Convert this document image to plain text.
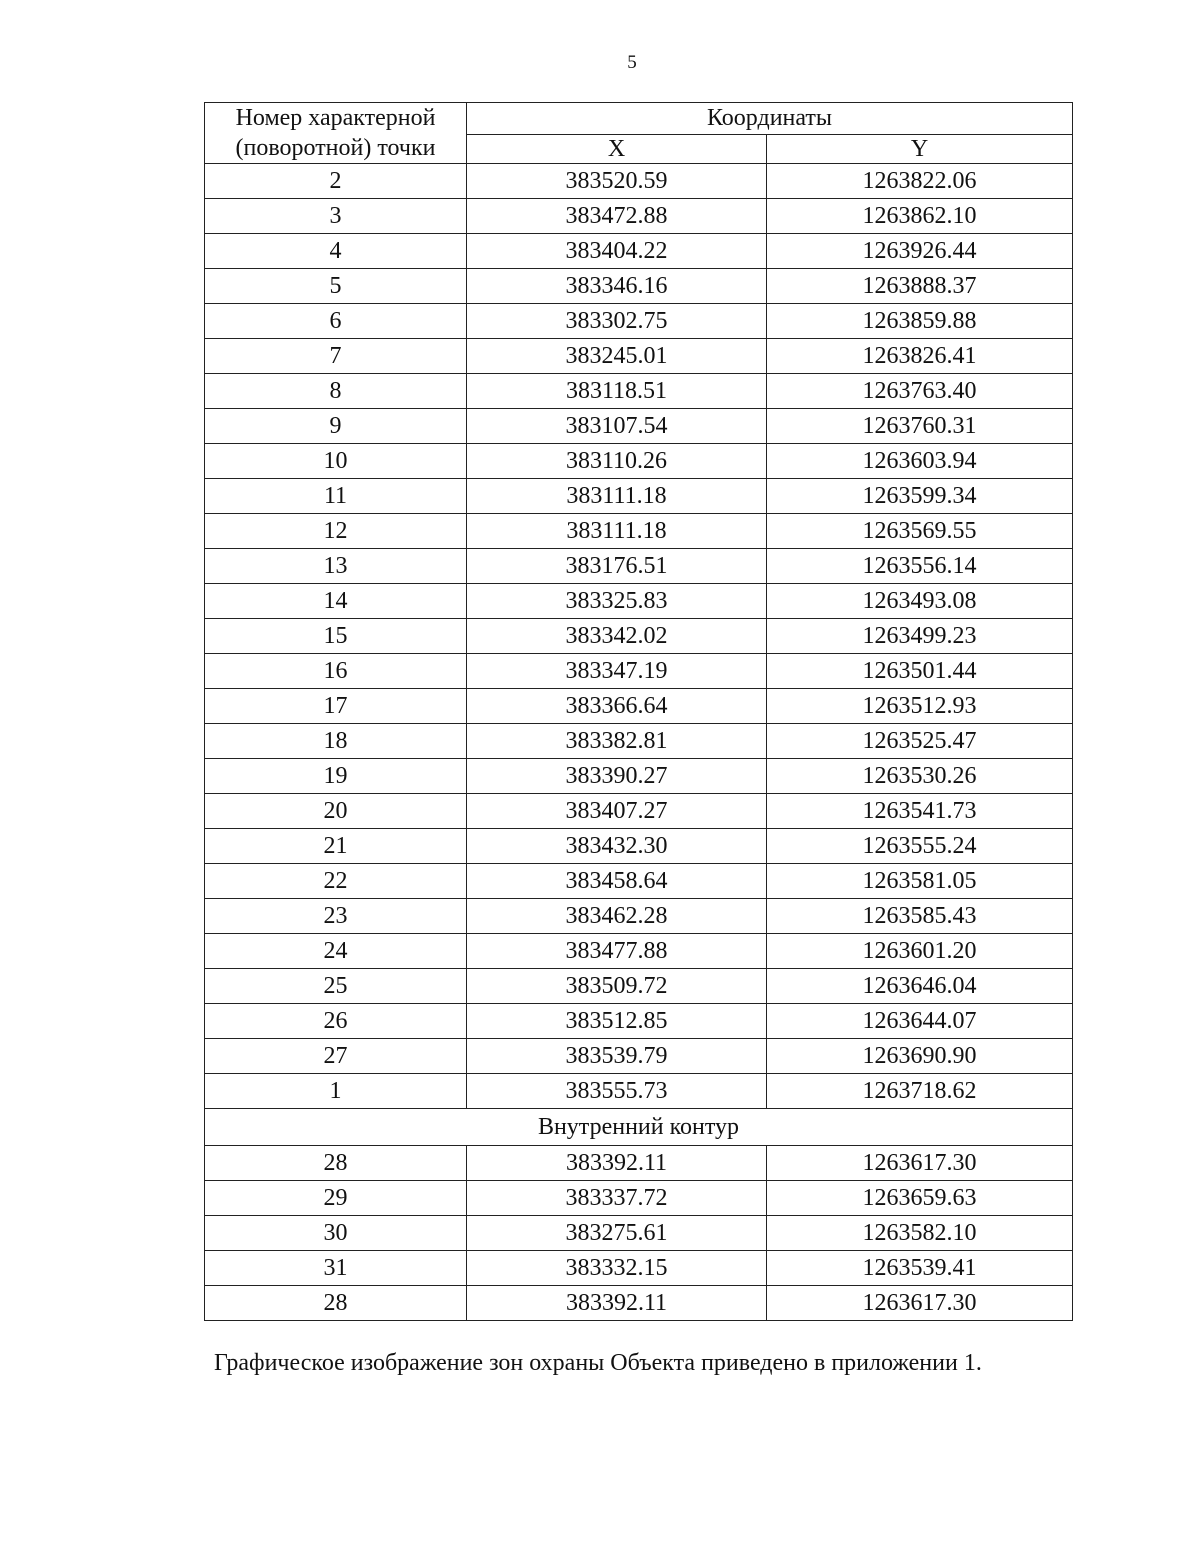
5
Номер характерной (поворотной) точки	Координаты	
	X	Y
2	383520.59	1263822.06
3	383472.88	1263862.10
4	383404.22	1263926.44
5	383346.16	1263888.37
6	383302.75	1263859.88
7	383245.01	1263826.41
8	383118.51	1263763.40
9	383107.54	1263760.31
10	383110.26	1263603.94
11	383111.18	1263599.34
12	383111.18	1263569.55
13	383176.51	1263556.14
14	383325.83	1263493.08
15	383342.02	1263499.23
16	383347.19	1263501.44
17	383366.64	1263512.93
18	383382.81	1263525.47
19	383390.27	1263530.26
20	383407.27	1263541.73
21	383432.30	1263555.24
22	383458.64	1263581.05
23	383462.28	1263585.43
24	383477.88	1263601.20
25	383509.72	1263646.04
26	383512.85	1263644.07
27	383539.79	1263690.90
1	383555.73	1263718.62
Внутренний контур		
28	383392.11	1263617.30
29	383337.72	1263659.63
30	383275.61	1263582.10
31	383332.15	1263539.41
28	383392.11	1263617.30
Графическое изображение зон охраны Объекта приведено в приложении 1.
